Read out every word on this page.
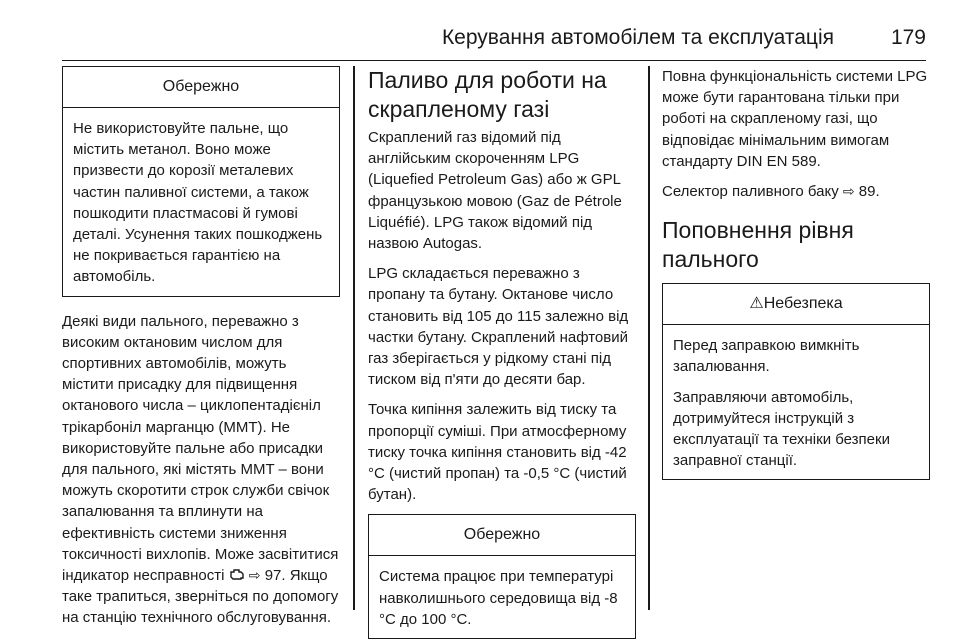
Керування автомобілем та експлуатація	179
Обережно

Не використовуйте пальне, що містить метанол. Воно може призвести до корозії металевих частин паливної системи, а також пошкодити пластмасові й гумові деталі. Усунення таких пошкоджень не покривається гарантією на автомобіль.

Деякі види пального, переважно з високим октановим числом для спортивних автомобілів, можуть містити присадку для підвищення октанового числа – циклопентадієніл трікарбоніл марганцю (MMT). Не використовуйте пальне або присадки для пального, які містять MMT – вони можуть скоротити строк служби свічок запалювання та вплинути на ефективність системи зниження токсичності вихлопів. Може засвітитися індикатор несправності ⇨ 97. Якщо таке трапиться, зверніться по допомогу на станцію технічного обслуговування.

Паливо для роботи на скрапленому газі

Скраплений газ відомий під англійським скороченням LPG (Liquefied Petroleum Gas) або ж GPL французькою мовою (Gaz de Pétrole Liquéfié). LPG також відомий під назвою Autogas.

LPG складається переважно з пропану та бутану. Октанове число становить від 105 до 115 залежно від частки бутану. Скраплений нафтовий газ зберігається у рідкому стані під тиском від п'яти до десяти бар.

Точка кипіння залежить від тиску та пропорції суміші. При атмосферному тиску точка кипіння становить від -42 °C (чистий пропан) та -0,5 °C (чистий бутан).

Обережно

Система працює при температурі навколишнього середовища від -8 °C до 100 °C.

Повна функціональність системи LPG може бути гарантована тільки при роботі на скрапленому газі, що відповідає мінімальним вимогам стандарту DIN EN 589.

Селектор паливного баку ⇨ 89.

Поповнення рівня пального
⚠Небезпека

Перед заправкою вимкніть запалювання.

Заправляючи автомобіль, дотримуйтеся інструкцій з експлуатації та техніки безпеки заправної станції.
